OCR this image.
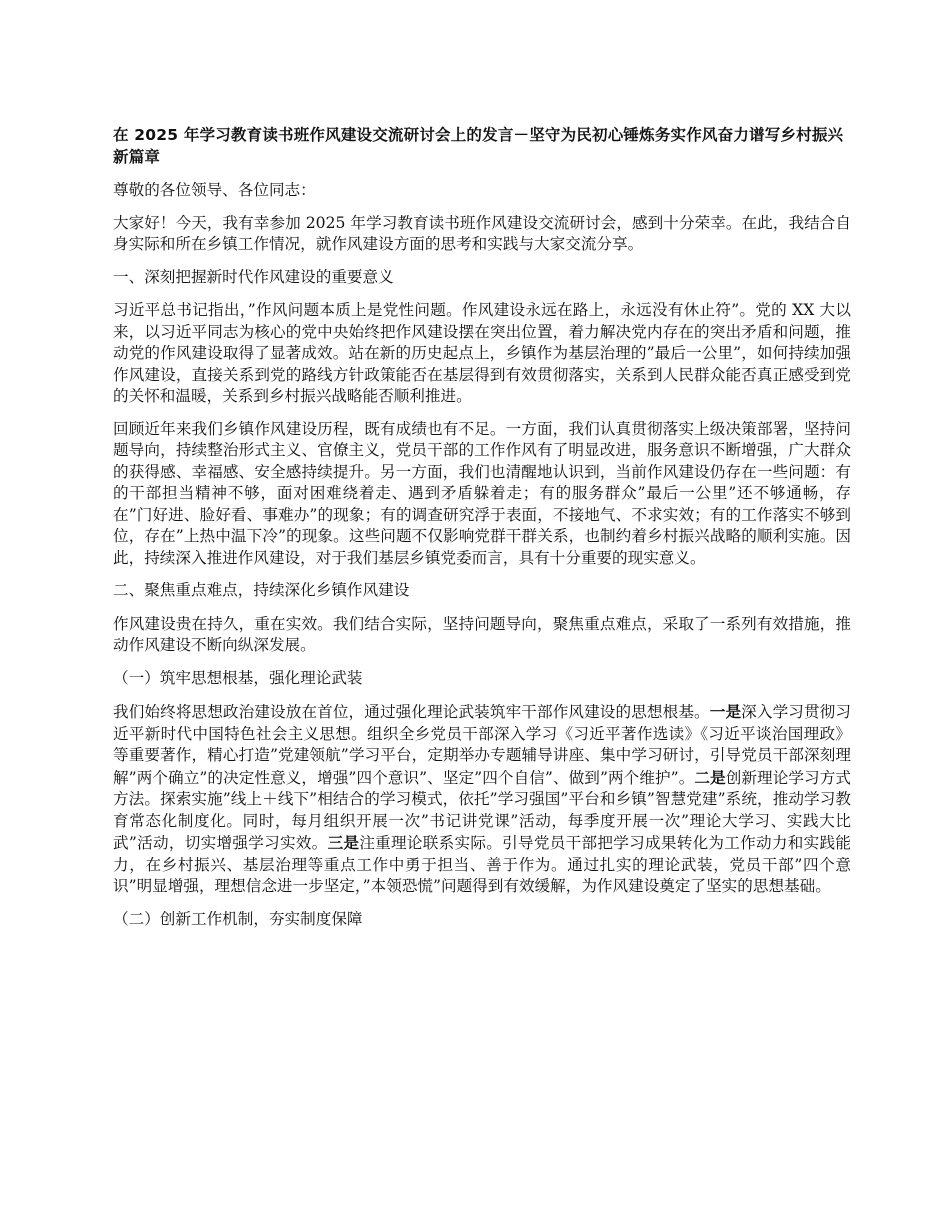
在 2025 年学习教育读书班作风建设交流研讨会上的发言－坚守为民初心锤炼务实作风奋力谱写乡村振兴新篇章

尊敬的各位领导、各位同志：

大家好！今天，我有幸参加 2025 年学习教育读书班作风建设交流研讨会，感到十分荣幸。在此，我结合自身实际和所在乡镇工作情况，就作风建设方面的思考和实践与大家交流分享。

一、深刻把握新时代作风建设的重要意义

习近平总书记指出，”作风问题本质上是党性问题。作风建设永远在路上，永远没有休止符”。党的 XX 大以来，以习近平同志为核心的党中央始终把作风建设摆在突出位置，着力解决党内存在的突出矛盾和问题，推动党的作风建设取得了显著成效。站在新的历史起点上，乡镇作为基层治理的”最后一公里”，如何持续加强作风建设，直接关系到党的路线方针政策能否在基层得到有效贯彻落实，关系到人民群众能否真正感受到党的关怀和温暖，关系到乡村振兴战略能否顺利推进。

回顾近年来我们乡镇作风建设历程，既有成绩也有不足。一方面，我们认真贯彻落实上级决策部署，坚持问题导向，持续整治形式主义、官僚主义，党员干部的工作作风有了明显改进，服务意识不断增强，广大群众的获得感、幸福感、安全感持续提升。另一方面，我们也清醒地认识到，当前作风建设仍存在一些问题：有的干部担当精神不够，面对困难绕着走、遇到矛盾躲着走；有的服务群众”最后一公里”还不够通畅，存在”门好进、脸好看、事难办”的现象；有的调查研究浮于表面，不接地气、不求实效；有的工作落实不够到位，存在”上热中温下冷”的现象。这些问题不仅影响党群干群关系，也制约着乡村振兴战略的顺利实施。因此，持续深入推进作风建设，对于我们基层乡镇党委而言，具有十分重要的现实意义。

二、聚焦重点难点，持续深化乡镇作风建设

作风建设贵在持久，重在实效。我们结合实际，坚持问题导向，聚焦重点难点，采取了一系列有效措施，推动作风建设不断向纵深发展。

（一）筑牢思想根基，强化理论武装

我们始终将思想政治建设放在首位，通过强化理论武装筑牢干部作风建设的思想根基。一是深入学习贯彻习近平新时代中国特色社会主义思想。组织全乡党员干部深入学习《习近平著作选读》《习近平谈治国理政》等重要著作，精心打造”党建领航”学习平台，定期举办专题辅导讲座、集中学习研讨，引导党员干部深刻理解”两个确立”的决定性意义，增强”四个意识”、坚定”四个自信”、做到”两个维护”。二是创新理论学习方式方法。探索实施”线上＋线下”相结合的学习模式，依托”学习强国”平台和乡镇”智慧党建”系统，推动学习教育常态化制度化。同时，每月组织开展一次”书记讲党课”活动，每季度开展一次”理论大学习、实践大比武”活动，切实增强学习实效。三是注重理论联系实际。引导党员干部把学习成果转化为工作动力和实践能力，在乡村振兴、基层治理等重点工作中勇于担当、善于作为。通过扎实的理论武装，党员干部”四个意识”明显增强，理想信念进一步坚定，”本领恐慌”问题得到有效缓解，为作风建设奠定了坚实的思想基础。

（二）创新工作机制，夯实制度保障
